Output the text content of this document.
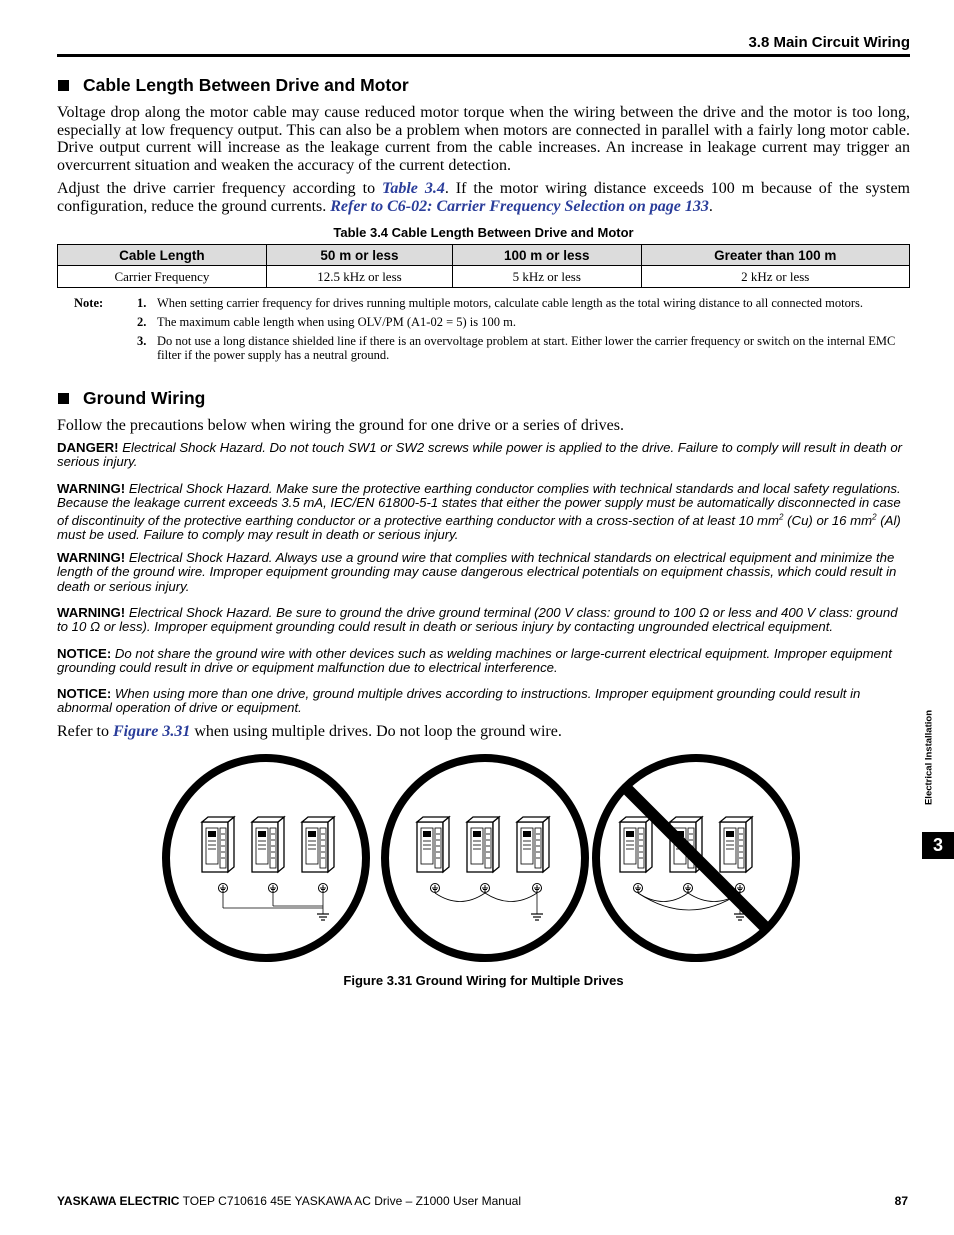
3.8 Main Circuit Wiring
Cable Length Between Drive and Motor
Voltage drop along the motor cable may cause reduced motor torque when the wiring between the drive and the motor is too long, especially at low frequency output. This can also be a problem when motors are connected in parallel with a fairly long motor cable. Drive output current will increase as the leakage current from the cable increases. An increase in leakage current may trigger an overcurrent situation and weaken the accuracy of the current detection.
Adjust the drive carrier frequency according to Table 3.4. If the motor wiring distance exceeds 100 m because of the system configuration, reduce the ground currents. Refer to C6-02: Carrier Frequency Selection on page 133.
Table 3.4 Cable Length Between Drive and Motor
Cable Length	50 m or less	100 m or less	Greater than 100 m
Carrier Frequency	12.5 kHz or less	5 kHz or less	2 kHz or less
Note:	1. When setting carrier frequency for drives running multiple motors, calculate cable length as the total wiring distance to all connected motors.
2. The maximum cable length when using OLV/PM (A1-02 = 5) is 100 m.
3. Do not use a long distance shielded line if there is an overvoltage problem at start. Either lower the carrier frequency or switch on the internal EMC filter if the power supply has a neutral ground.
Ground Wiring
Follow the precautions below when wiring the ground for one drive or a series of drives.
DANGER! Electrical Shock Hazard. Do not touch SW1 or SW2 screws while power is applied to the drive. Failure to comply will result in death or serious injury.
WARNING! Electrical Shock Hazard. Make sure the protective earthing conductor complies with technical standards and local safety regulations. Because the leakage current exceeds 3.5 mA, IEC/EN 61800-5-1 states that either the power supply must be automatically disconnected in case of discontinuity of the protective earthing conductor or a protective earthing conductor with a cross-section of at least 10 $mm^2$ (Cu) or 16 $mm^2$ (Al) must be used. Failure to comply may result in death or serious injury.
WARNING! Electrical Shock Hazard. Always use a ground wire that complies with technical standards on electrical equipment and minimize the length of the ground wire. Improper equipment grounding may cause dangerous electrical potentials on equipment chassis, which could result in death or serious injury.
WARNING! Electrical Shock Hazard. Be sure to ground the drive ground terminal (200 V class: ground to 100 Ω or less and 400 V class: ground to 10 Ω or less). Improper equipment grounding could result in death or serious injury by contacting ungrounded electrical equipment.
NOTICE: Do not share the ground wire with other devices such as welding machines or large-current electrical equipment. Improper equipment grounding could result in drive or equipment malfunction due to electrical interference.
NOTICE: When using more than one drive, ground multiple drives according to instructions. Improper equipment grounding could result in abnormal operation of drive or equipment.
Refer to Figure 3.31 when using multiple drives. Do not loop the ground wire.
Figure 3.31 Ground Wiring for Multiple Drives
Electrical Installation
3
YASKAWA ELECTRIC TOEP C710616 45E YASKAWA AC Drive – Z1000 User Manual	87
